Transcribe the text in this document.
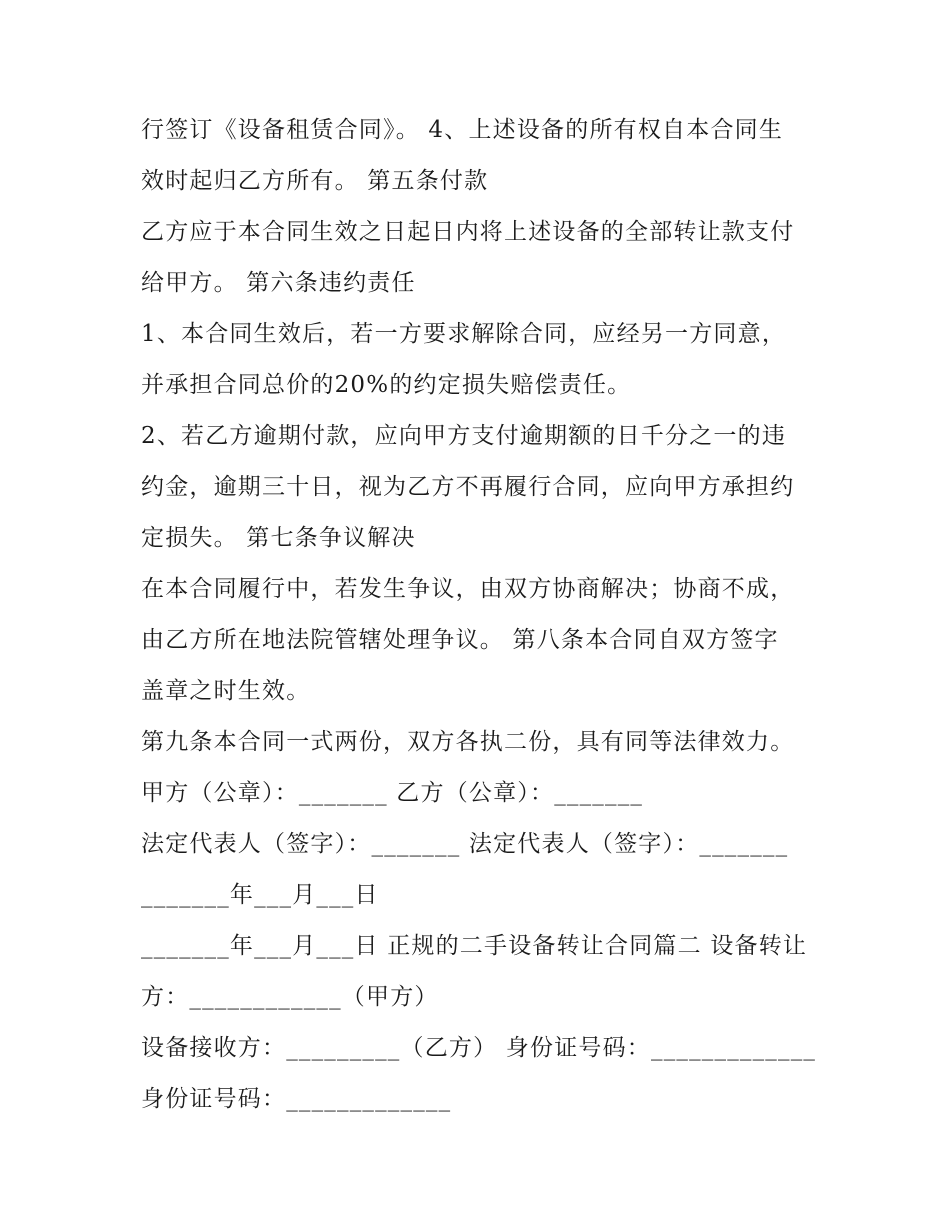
行签订《设备租赁合同》。 4、上述设备的所有权自本合同生
效时起归乙方所有。 第五条付款
乙方应于本合同生效之日起日内将上述设备的全部转让款支付
给甲方。 第六条违约责任
1、本合同生效后，若一方要求解除合同，应经另一方同意，
并承担合同总价的20%的约定损失赔偿责任。
2、若乙方逾期付款，应向甲方支付逾期额的日千分之一的违
约金，逾期三十日，视为乙方不再履行合同，应向甲方承担约
定损失。 第七条争议解决
在本合同履行中，若发生争议，由双方协商解决；协商不成，
由乙方所在地法院管辖处理争议。 第八条本合同自双方签字
盖章之时生效。
第九条本合同一式两份，双方各执二份，具有同等法律效力。
甲方（公章）：_______ 乙方（公章）：_______
法定代表人（签字）：_______ 法定代表人（签字）：_______
_______年___月___日
_______年___月___日 正规的二手设备转让合同篇二 设备转让
方：____________（甲方）
设备接收方：_________（乙方） 身份证号码：_____________
身份证号码：_____________
